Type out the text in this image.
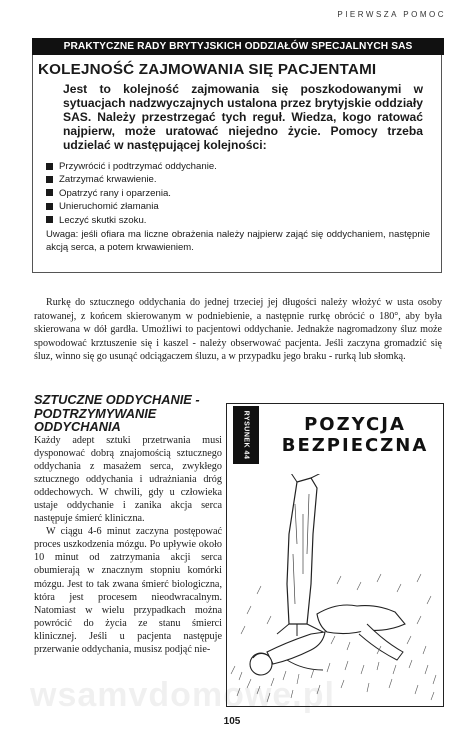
PIERWSZA POMOC
PRAKTYCZNE RADY BRYTYJSKICH ODDZIAŁÓW SPECJALNYCH SAS
KOLEJNOŚĆ ZAJMOWANIA SIĘ PACJENTAMI
Jest to kolejność zajmowania się poszkodowanymi w sytuacjach nadzwyczajnych ustalona przez brytyjskie oddziały SAS. Należy przestrzegać tych reguł. Wiedza, kogo ratować najpierw, może uratować niejedno życie. Pomocy trzeba udzielać w następującej kolejności:
Przywrócić i podtrzymać oddychanie.
Zatrzymać krwawienie.
Opatrzyć rany i oparzenia.
Unieruchomić złamania
Leczyć skutki szoku.
Uwaga: jeśli ofiara ma liczne obrażenia należy najpierw zająć się oddychaniem, następnie akcją serca, a potem krwawieniem.

Rurkę do sztucznego oddychania do jednej trzeciej jej długości należy włożyć w usta osoby ratowanej, z końcem skierowanym w podniebienie, a następnie rurkę obrócić o 180°, aby była skierowana w dół gardła. Umożliwi to pacjentowi oddychanie. Jednakże nagromadzony śluz może spowodować krztuszenie się i kaszel - należy obserwować pacjenta. Jeśli zaczyna gromadzić się śluz, winno się go usunąć odciągaczem śluzu, a w przypadku jego braku - rurką lub słomką.

SZTUCZNE ODDYCHANIE - PODTRZYMYWANIE ODDYCHANIA

Każdy adept sztuki przetrwania musi dysponować dobrą znajomością sztucznego oddychania z masażem serca, zwykłego sztucznego oddychania i udrażniania dróg oddechowych. W chwili, gdy u człowieka ustaje oddychanie i zanika akcja serca następuje śmierć kliniczna.

W ciągu 4-6 minut zaczyna postępować proces uszkodzenia mózgu. Po upływie około 10 minut od zatrzymania akcji serca obumierają w znacznym stopniu komórki mózgu. Jest to tak zwana śmierć biologiczna, która jest procesem nieodwracalnym. Natomiast w wielu przypadkach można powrócić do życia ze stanu śmierci klinicznej. Jeśli u pacjenta następuje przerwanie oddychania, musisz podjąć nie-

RYSUNEK 44	POZYCJA
BEZPIECZNA
wsamvdomowe.pl
105
